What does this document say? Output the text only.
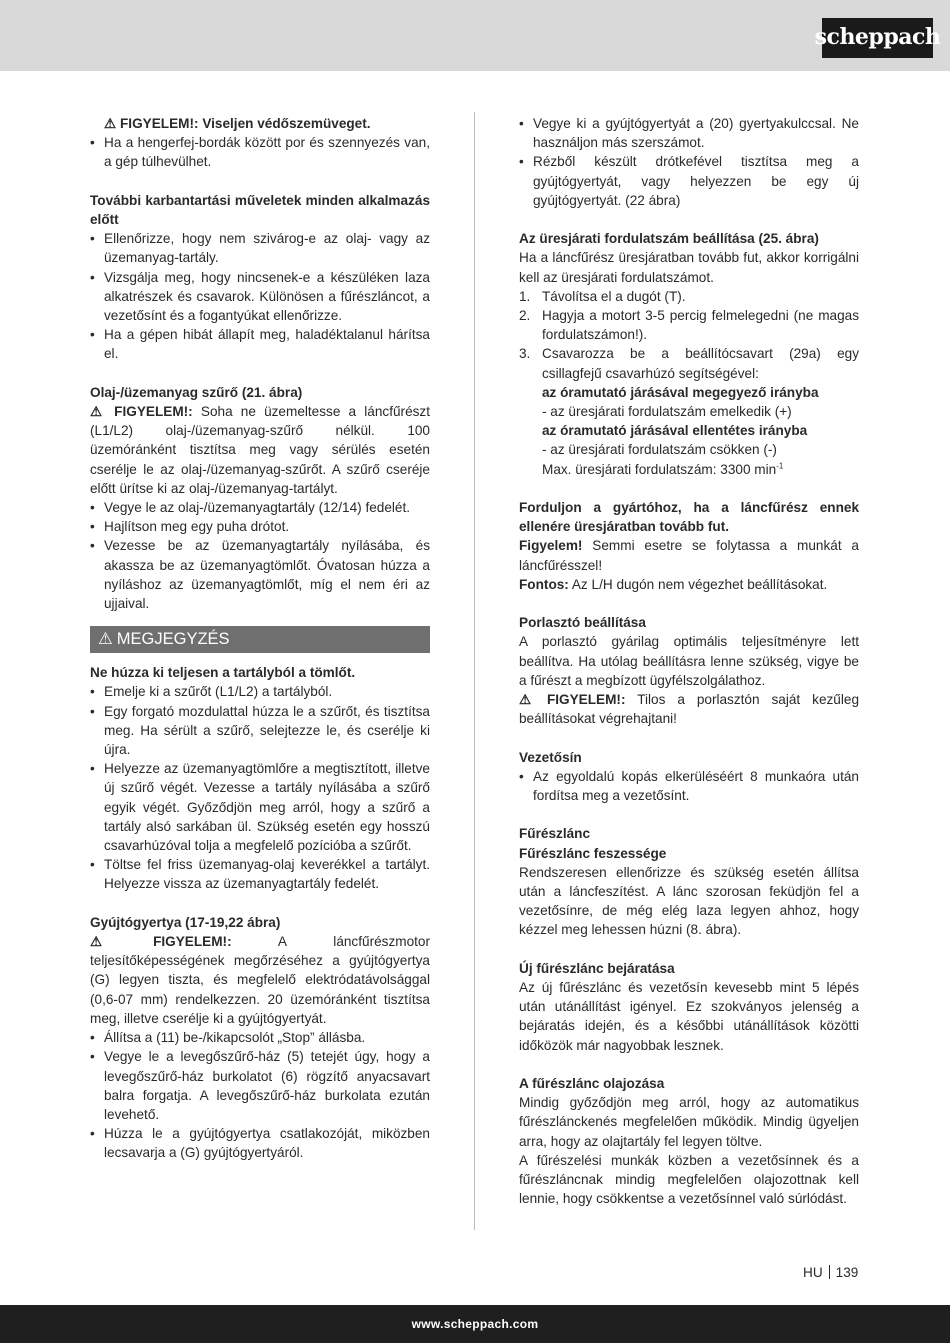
scheppach

⚠ FIGYELEM!: Viseljen védőszemüveget.

• Ha a hengerfej-bordák között por és szennyezés van, a gép túlhevülhet.

További karbantartási műveletek minden alkalmazás előtt

• Ellenőrizze, hogy nem szivárog-e az olaj- vagy az üzemanyag-tartály.
• Vizsgálja meg, hogy nincsenek-e a készüléken laza alkatrészek és csavarok. Különösen a fűrészláncot, a vezetősínt és a fogantyúkat ellenőrizze.
• Ha a gépen hibát állapít meg, haladéktalanul hárítsa el.

Olaj-/üzemanyag szűrő (21. ábra)

⚠ FIGYELEM!: Soha ne üzemeltesse a láncfűrészt (L1/L2) olaj-/üzemanyag-szűrő nélkül. 100 üzemóránként tisztítsa meg vagy sérülés esetén cserélje le az olaj-/üzemanyag-szűrőt. A szűrő cseréje előtt ürítse ki az olaj-/üzemanyag-tartályt.

• Vegye le az olaj-/üzemanyagtartály (12/14) fedelét.
• Hajlítson meg egy puha drótot.
• Vezesse be az üzemanyagtartály nyílásába, és akassza be az üzemanyagtömlőt. Óvatosan húzza a nyíláshoz az üzemanyagtömlőt, míg el nem éri az ujjaival.
⚠ MEGJEGYZÉS

Ne húzza ki teljesen a tartályból a tömlőt.

• Emelje ki a szűrőt (L1/L2) a tartályból.
• Egy forgató mozdulattal húzza le a szűrőt, és tisztítsa meg. Ha sérült a szűrő, selejtezze le, és cserélje ki újra.
• Helyezze az üzemanyagtömlőre a megtisztított, illetve új szűrő végét. Vezesse a tartály nyílásába a szűrő egyik végét. Győződjön meg arról, hogy a szűrő a tartály alsó sarkában ül. Szükség esetén egy hosszú csavarhúzóval tolja a megfelelő pozícióba a szűrőt.
• Töltse fel friss üzemanyag-olaj keverékkel a tartályt. Helyezze vissza az üzemanyagtartály fedelét.

Gyújtógyertya (17-19,22 ábra)

⚠	FIGYELEM!:	A láncfűrészmotor teljesítőképességének megőrzéséhez a gyújtógyertya (G) legyen tiszta, és megfelelő elektródatávolsággal (0,6-07 mm) rendelkezzen. 20 üzemóránként tisztítsa meg, illetve cserélje ki a gyújtógyertyát.

• Állítsa a (11) be-/kikapcsolót „Stop” állásba.
• Vegye le a levegőszűrő-ház (5) tetejét úgy, hogy a levegőszűrő-ház burkolatot (6) rögzítő anyacsavart balra forgatja. A levegőszűrő-ház burkolata ezután levehető.
• Húzza le a gyújtógyertya csatlakozóját, miközben lecsavarja a (G) gyújtógyertyáról.
• Vegye ki a gyújtógyertyát a (20) gyertyakulccsal. Ne használjon más szerszámot.
• Rézből készült drótkefével tisztítsa meg a gyújtógyertyát, vagy helyezzen be egy új gyújtógyertyát. (22 ábra)

Az üresjárati fordulatszám beállítása (25. ábra)

Ha a láncfűrész üresjáratban tovább fut, akkor korrigálni kell az üresjárati fordulatszámot.

1. Távolítsa el a dugót (T).
2. Hagyja a motort 3-5 percig felmelegedni (ne magas fordulatszámon!).
3. Csavarozza be a beállítócsavart (29a) egy csillagfejű csavarhúzó segítségével:

az óramutató járásával megegyező irányba

- az üresjárati fordulatszám emelkedik (+)

az óramutató járásával ellentétes irányba

- az üresjárati fordulatszám csökken (-)

Max. üresjárati fordulatszám: 3300 $\min^{-1}$

Forduljon a gyártóhoz, ha a láncfűrész ennek ellenére üresjáratban tovább fut.

Figyelem! Semmi esetre se folytassa a munkát a láncfűrésszel!

Fontos: Az L/H dugón nem végezhet beállításokat.

Porlasztó beállítása

A porlasztó gyárilag optimális teljesítményre lett beállítva. Ha utólag beállításra lenne szükség, vigye be a fűrészt a megbízott ügyfélszolgálathoz.

⚠ FIGYELEM!: Tilos a porlasztón saját kezűleg beállításokat végrehajtani!

Vezetősín

• Az egyoldalú kopás elkerüléséért 8 munkaóra után fordítsa meg a vezetősínt.

Fűrészlánc

Fűrészlánc feszessége

Rendszeresen ellenőrizze és szükség esetén állítsa után a láncfeszítést. A lánc szorosan feküdjön fel a vezetősínre, de még elég laza legyen ahhoz, hogy kézzel meg lehessen húzni (8. ábra).

Új fűrészlánc bejáratása

Az új fűrészlánc és vezetősín kevesebb mint 5 lépés után utánállítást igényel. Ez szokványos jelenség a bejáratás idején, és a későbbi utánállítások közötti időközök már nagyobbak lesznek.

A fűrészlánc olajozása

Mindig győződjön meg arról, hogy az automatikus fűrészlánckenés megfelelően működik. Mindig ügyeljen arra, hogy az olajtartály fel legyen töltve.

A fűrészelési munkák közben a vezetősínnek és a fűrészláncnak mindig megfelelően olajozottnak kell lennie, hogy csökkentse a vezetősínnel való súrlódást.

HU 139
www.scheppach.com
